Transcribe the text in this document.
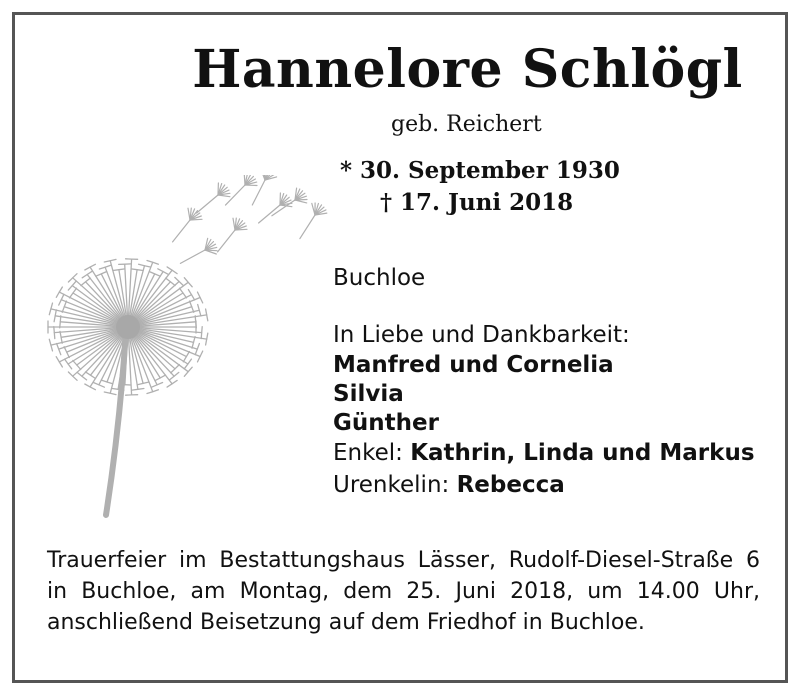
Hannelore Schlögl
geb. Reichert
* 30. September 1930
† 17. Juni 2018
Buchloe
In Liebe und Dankbarkeit:
Manfred und Cornelia
Silvia
Günther
Enkel: Kathrin, Linda und Markus
Urenkelin: Rebecca
Trauerfeier im Bestattungshaus Lässer, Rudolf-Diesel-Straße 6
in Buchloe, am Montag, dem 25. Juni 2018, um 14.00 Uhr,
anschließend Beisetzung auf dem Friedhof in Buchloe.
